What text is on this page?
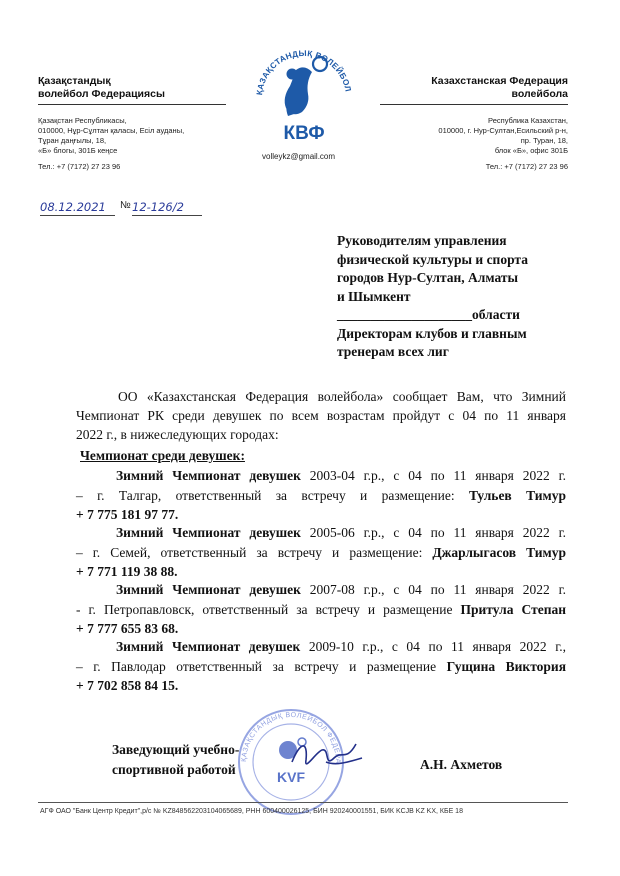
Қазақстандық
волейбол Федерациясы
Қазақстан Республикасы,
010000, Нұр-Сұлтан қаласы, Есіл ауданы,
Тұран даңғылы, 18,
«Б» блогы, 301Б кеңсе
Тел.: +7 (7172) 27 23 96
ҚАЗАҚСТАНДЫҚ ВОЛЕЙБОЛ
КВФ
volleykz@gmail.com
Казахстанская Федерация
волейбола
Республика Казахстан,
010000, г. Нур-Султан,Есильский р-н,
пр. Туран, 18,
блок «Б», офис 301Б
Тел.: +7 (7172) 27 23 96
08.12.2021 № 12-126/2
Руководителям управления
физической культуры и спорта
городов Нур-Султан, Алматы
и Шымкент
____________________области
Директорам клубов и главным
тренерам всех лиг
ОО «Казахстанская Федерация волейбола» сообщает Вам, что Зимний
Чемпионат РК среди девушек по всем возрастам пройдут с 04 по 11 января
2022 г., в нижеследующих городах:
Чемпионат среди девушек:
Зимний Чемпионат девушек 2003-04 г.р., с 04 по 11 января 2022 г.
– г. Талгар, ответственный за встречу и размещение: Тульев Тимур
+ 7 775 181 97 77.
Зимний Чемпионат девушек 2005-06 г.р., с 04 по 11 января 2022 г.
– г. Семей, ответственный за встречу и размещение: Джарлыгасов Тимур
+ 7 771 119 38 88.
Зимний Чемпионат девушек 2007-08 г.р., с 04 по 11 января 2022 г.
- г. Петропавловск, ответственный за встречу и размещение Притула Степан
+ 7 777 655 83 68.
Зимний Чемпионат девушек 2009-10 г.р., с 04 по 11 января 2022 г.,
– г. Павлодар ответственный за встречу и размещение Гущина Виктория
+ 7 702 858 84 15.
ҚАЗАҚСТАНДЫҚ ВОЛЕЙБОЛ ФЕДЕРА
KVF
Заведующий учебно-
спортивной работой	А.Н. Ахметов
АГФ ОАО "Банк Центр Кредит",р/с № KZ848562203104065689, РНН 600400026125, БИН 920240001551, БИК KCJB KZ KX, КБЕ 18
